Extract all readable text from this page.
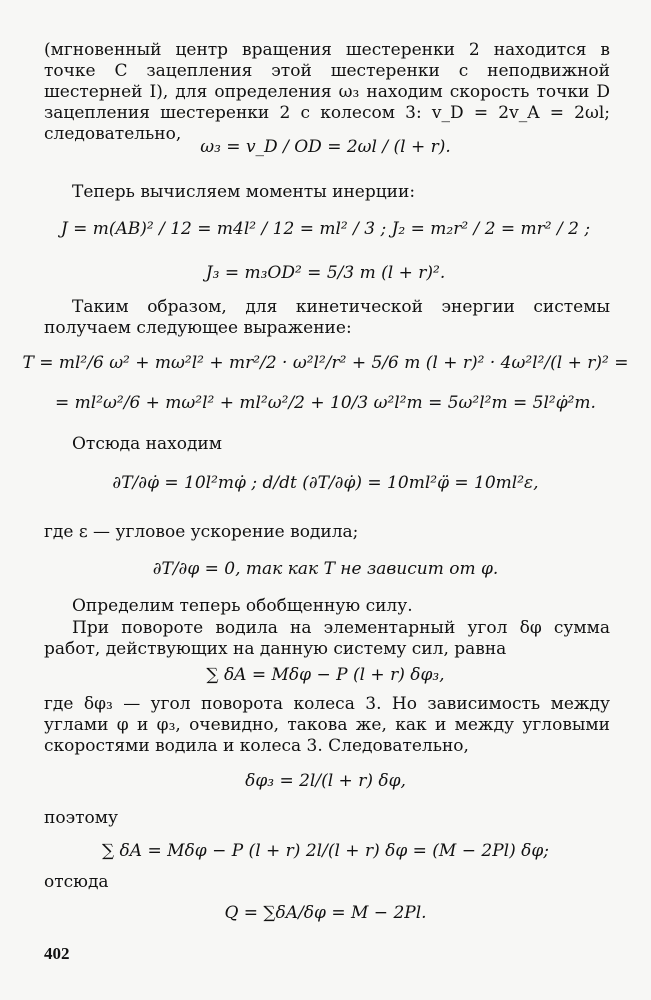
(мгновенный центр вращения шестеренки 2 находится в точке C зацепления этой шестеренки с неподвижной шестерней I), для определения ω₃ находим скорость точки D зацепления шестеренки 2 с колесом 3: v_D = 2v_A = 2ωl; следовательно,
ω₃ = v_D / OD = 2ωl / (l + r).
Теперь вычисляем моменты инерции:
J = m(AB)² / 12 = m4l² / 12 = ml² / 3 ; J₂ = m₂r² / 2 = mr² / 2 ;
J₃ = m₃OD² = 5/3 m (l + r)².
Таким образом, для кинетической энергии системы получаем следующее выражение:
T = ml²/6 ω² + mω²l² + mr²/2 · ω²l²/r² + 5/6 m (l + r)² · 4ω²l²/(l + r)² =
= ml²ω²/6 + mω²l² + ml²ω²/2 + 10/3 ω²l²m = 5ω²l²m = 5l²φ̇²m.
Отсюда находим
∂T/∂φ̇ = 10l²mφ̇ ; d/dt (∂T/∂φ̇) = 10ml²φ̈ = 10ml²ε,
где ε — угловое ускорение водила;
∂T/∂φ = 0, так как T не зависит от φ.
Определим теперь обобщенную силу.
При повороте водила на элементарный угол δφ сумма работ, действующих на данную систему сил, равна
∑ δA = Mδφ − P (l + r) δφ₃,
где δφ₃ — угол поворота колеса 3. Но зависимость между углами φ и φ₃, очевидно, такова же, как и между угловыми скоростями водила и колеса 3. Следовательно,
δφ₃ = 2l/(l + r) δφ,
поэтому
∑ δA = Mδφ − P (l + r) 2l/(l + r) δφ = (M − 2Pl) δφ;
отсюда
Q = ∑δA/δφ = M − 2Pl.
402
